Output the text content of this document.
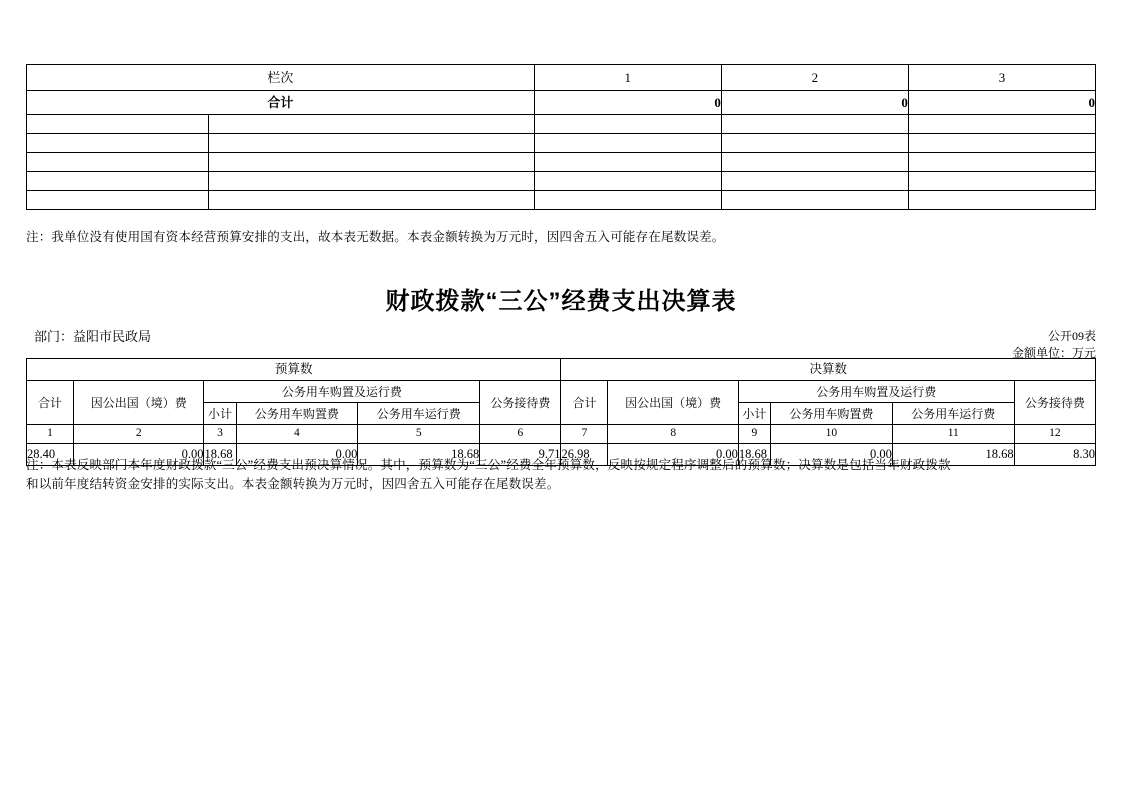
栏次		1	2	3
合计		0	0	0

注：我单位没有使用国有资本经营预算安排的支出，故本表无数据。本表金额转换为万元时，因四舍五入可能存在尾数误差。
财政拨款“三公”经费支出决算表
公开09表
金额单位：万元
部门：益阳市民政局
预算数						决算数					
合计	因公出国（境）费	公务用车购置及运行费			公务接待费	合计	因公出国（境）费	公务用车购置及运行费			公务接待费
		小计	公务用车购置费	公务用车运行费				小计	公务用车购置费	公务用车运行费	
1	2	3	4	5	6	7	8	9	10	11	12
28.40	0.00	18.68	0.00	18.68	9.71	26.98	0.00	18.68	0.00	18.68	8.30
注：本表反映部门本年度财政拨款“三公”经费支出预决算情况。其中，预算数为“三公”经费全年预算数，反映按规定程序调整后的预算数；决算数是包括当年财政拨款
和以前年度结转资金安排的实际支出。本表金额转换为万元时，因四舍五入可能存在尾数误差。
